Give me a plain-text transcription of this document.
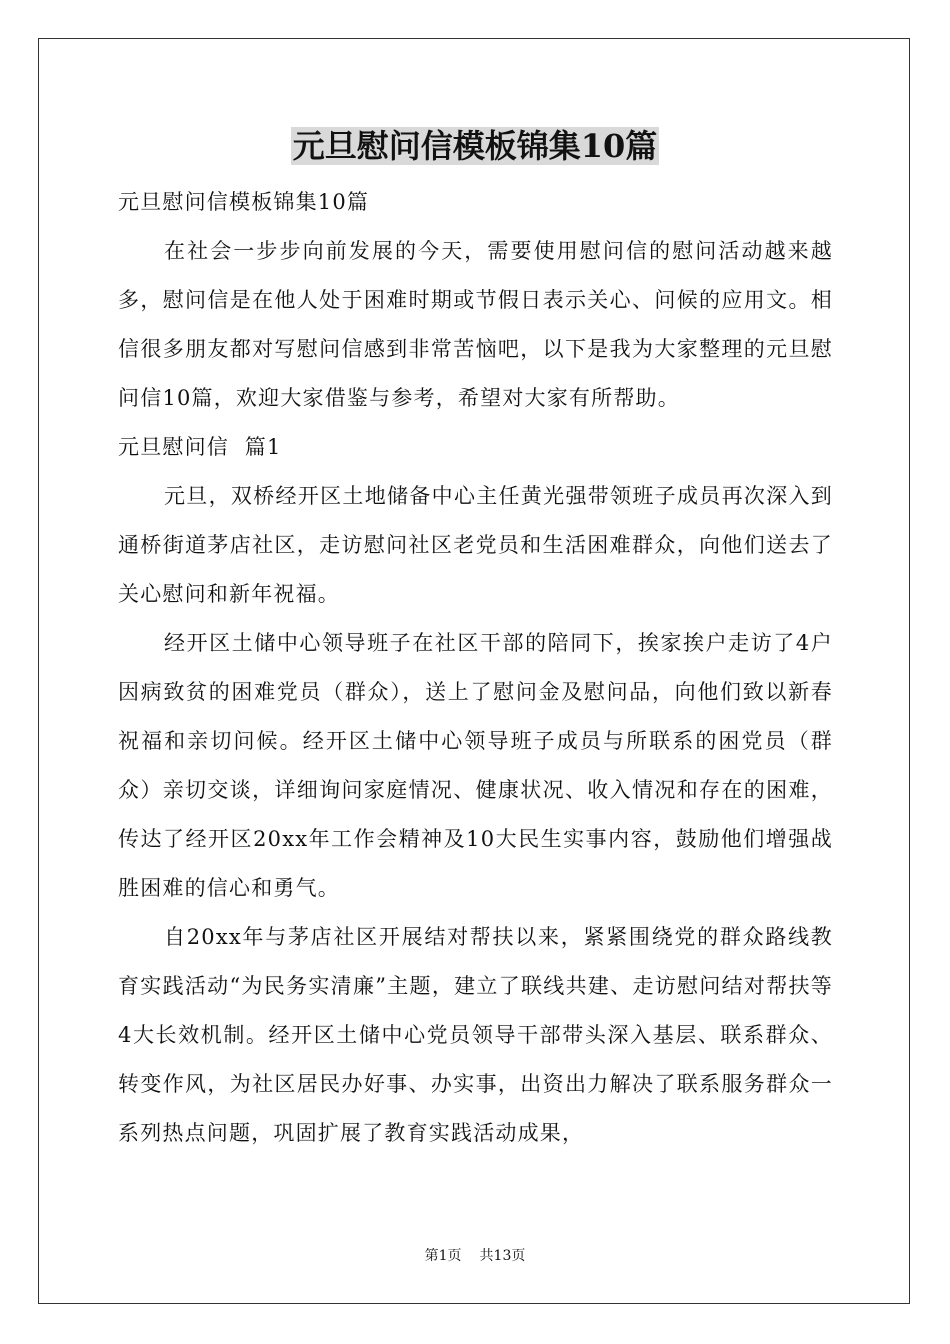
元旦慰问信模板锦集10篇

元旦慰问信模板锦集10篇

在社会一步步向前发展的今天，需要使用慰问信的慰问活动越来越多，慰问信是在他人处于困难时期或节假日表示关心、问候的应用文。相信很多朋友都对写慰问信感到非常苦恼吧，以下是我为大家整理的元旦慰问信10篇，欢迎大家借鉴与参考，希望对大家有所帮助。

元旦慰问信  篇1

元旦，双桥经开区土地储备中心主任黄光强带领班子成员再次深入到通桥街道茅店社区，走访慰问社区老党员和生活困难群众，向他们送去了关心慰问和新年祝福。

经开区土储中心领导班子在社区干部的陪同下，挨家挨户走访了4户因病致贫的困难党员（群众），送上了慰问金及慰问品，向他们致以新春祝福和亲切问候。经开区土储中心领导班子成员与所联系的困党员（群众）亲切交谈，详细询问家庭情况、健康状况、收入情况和存在的困难，传达了经开区20xx年工作会精神及10大民生实事内容，鼓励他们增强战胜困难的信心和勇气。

自20xx年与茅店社区开展结对帮扶以来，紧紧围绕党的群众路线教育实践活动“为民务实清廉”主题，建立了联线共建、走访慰问结对帮扶等4大长效机制。经开区土储中心党员领导干部带头深入基层、联系群众、转变作风，为社区居民办好事、办实事，出资出力解决了联系服务群众一系列热点问题，巩固扩展了教育实践活动成果，

第1页 共13页
